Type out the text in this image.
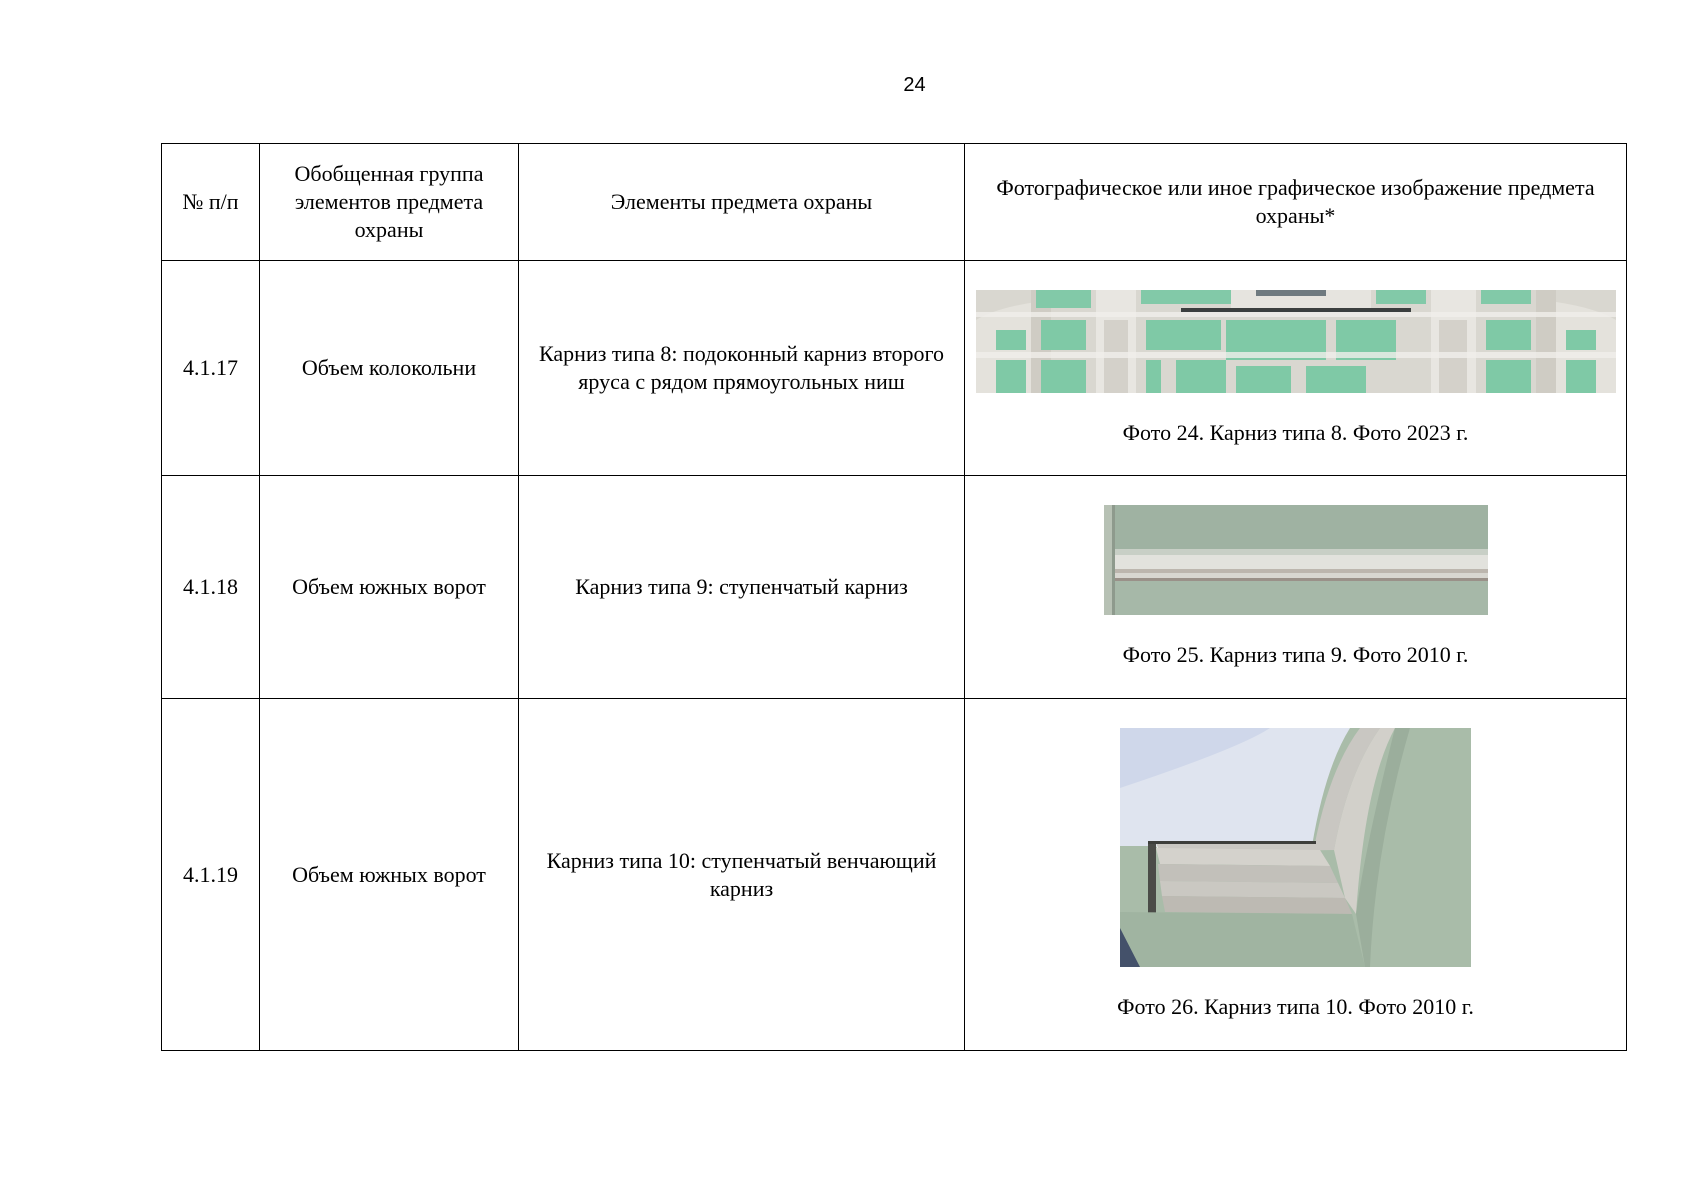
24
№ п/п	Обобщенная группа элементов предмета охраны	Элементы предмета охраны	Фотографическое или иное графическое изображение предмета охраны*
4.1.17	Объем колокольни	Карниз типа 8: подоконный карниз второго яруса с рядом прямоугольных ниш	Фото 24. Карниз типа 8. Фото 2023 г.

4.1.18	Объем южных ворот	Карниз типа 9: ступенчатый карниз	Фото 25. Карниз типа 9. Фото 2010 г.

4.1.19	Объем южных ворот	Карниз типа 10: ступенчатый венчающий карниз	Фото 26. Карниз типа 10. Фото 2010 г.
